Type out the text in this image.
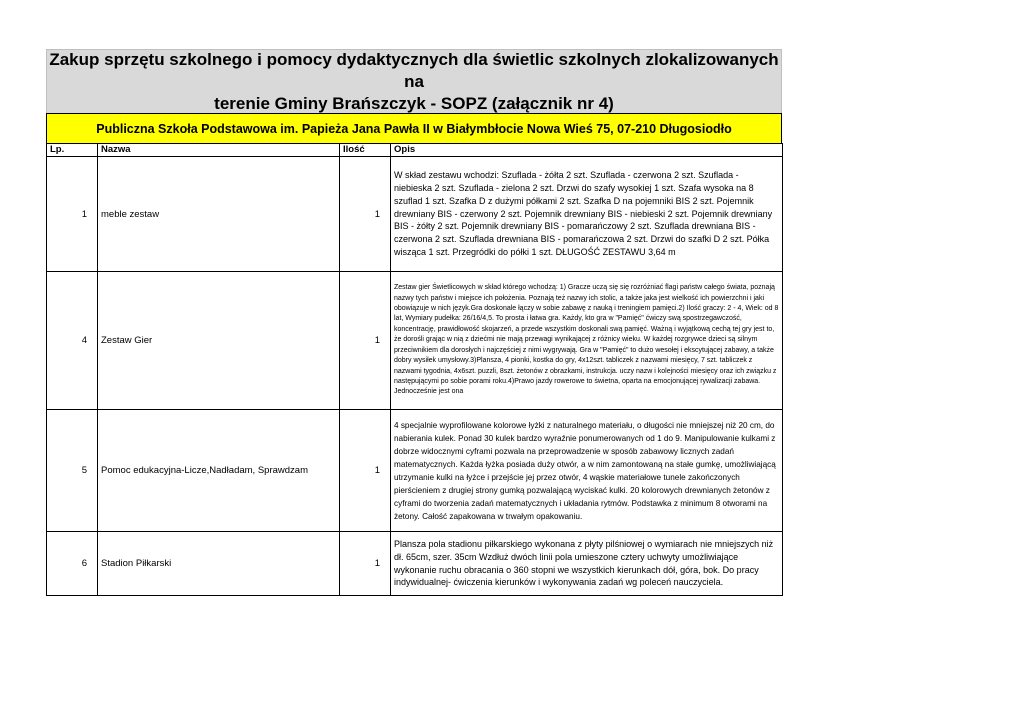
Zakup sprzętu szkolnego i pomocy dydaktycznych dla świetlic szkolnych zlokalizowanych na
terenie Gminy Brańszczyk - SOPZ (załącznik nr 4)
Publiczna Szkoła Podstawowa im. Papieża Jana Pawła II w Białymbłocie Nowa Wieś 75, 07-210 Długosiodło
Lp.	Nazwa	Ilość	Opis
1	meble zestaw	1	W skład zestawu wchodzi: Szuflada - żółta 2 szt. Szuflada - czerwona 2 szt. Szuflada - niebieska 2 szt. Szuflada - zielona 2 szt. Drzwi do szafy wysokiej 1 szt. Szafa wysoka na 8 szuflad 1 szt. Szafka D z dużymi półkami 2 szt. Szafka D na pojemniki BIS 2 szt. Pojemnik drewniany BIS - czerwony 2 szt. Pojemnik drewniany BIS - niebieski 2 szt. Pojemnik drewniany BIS - żółty 2 szt. Pojemnik drewniany BIS - pomarańczowy 2 szt. Szuflada drewniana BIS - czerwona 2 szt. Szuflada drewniana BIS - pomarańczowa 2 szt. Drzwi do szafki D 2 szt. Półka wisząca 1 szt. Przegródki do półki 1 szt. DŁUGOŚĆ ZESTAWU 3,64 m
4	Zestaw Gier	1	Zestaw gier Świetlicowych w skład którego wchodzą: 1) Gracze uczą się się rozróżniać flagi państw całego świata, poznają nazwy tych państw i miejsce ich położenia. Poznają też nazwy ich stolic, a także jaka jest wielkość ich powierzchni i jaki obowiązuje w nich język.Gra doskonale łączy w sobie zabawę z nauką i treningiem pamięci.2) Ilość graczy: 2 - 4, Wiek: od 8 lat, Wymiary pudełka: 26/16/4,5. To prosta i łatwa gra. Każdy, kto gra w "Pamięć" ćwiczy swą spostrzegawczość, koncentrację, prawidłowość skojarzeń, a przede wszystkim doskonali swą pamięć. Ważną i wyjątkową cechą tej gry jest to, że dorośli grając w nią z dziećmi nie mają przewagi wynikającej z różnicy wieku. W każdej rozgrywce dzieci są silnym przeciwnikiem dla dorosłych i najczęściej z nimi wygrywają. Gra w "Pamięć" to dużo wesołej i ekscytującej zabawy, a także dobry wysiłek umysłowy.3)Planszа, 4 pionki, kostka do gry, 4x12szt. tabliczek z nazwami miesięcy, 7 szt. tabliczek z nazwami tygodnia, 4x6szt. puzzli, 8szt. żetonów z obrazkami, instrukcja. uczy nazw i kolejności miesięcy oraz ich związku z następującymi po sobie porami roku.4)Prawo jazdy rowerowe to świetna, oparta na emocjonującej rywalizacji zabawa. Jednocześnie jest ona
5	Pomoc edukacyjna-Licze,Nadładam, Sprawdzam	1	4 specjalnie wyprofilowane kolorowe łyżki z naturalnego materiału, o długości nie mniejszej niż 20 cm, do nabierania kulek. Ponad 30 kulek bardzo wyraźnie ponumerowanych od 1 do 9. Manipulowanie kulkami z dobrze widocznymi cyframi pozwala na przeprowadzenie w sposób zabawowy licznych zadań matematycznych. Każda łyżka posiada duży otwór, a w nim zamontowaną na stałe gumkę, umożliwiającą utrzymanie kulki na łyżce i przejście jej przez otwór, 4 wąskie materiałowe tunele zakończonych pierścieniem z drugiej strony gumką pozwalającą wyciskać kulki. 20 kolorowych drewnianych żetonów z cyframi do tworzenia zadań matematycznych i układania rytmów. Podstawka z minimum 8 otworami na żetony. Całość zapakowana w trwałym opakowaniu.
6	Stadion Piłkarski	1	Plansza pola stadionu piłkarskiego wykonana z płyty pilśniowej o wymiarach nie mniejszych niż dł. 65cm, szer. 35cm Wzdłuż dwóch linii pola umieszone cztery uchwyty umożliwiające wykonanie ruchu obracania o 360 stopni we wszystkich kierunkach dół, góra, bok. Do pracy indywidualnej- ćwiczenia kierunków i wykonywania zadań wg poleceń nauczyciela.
